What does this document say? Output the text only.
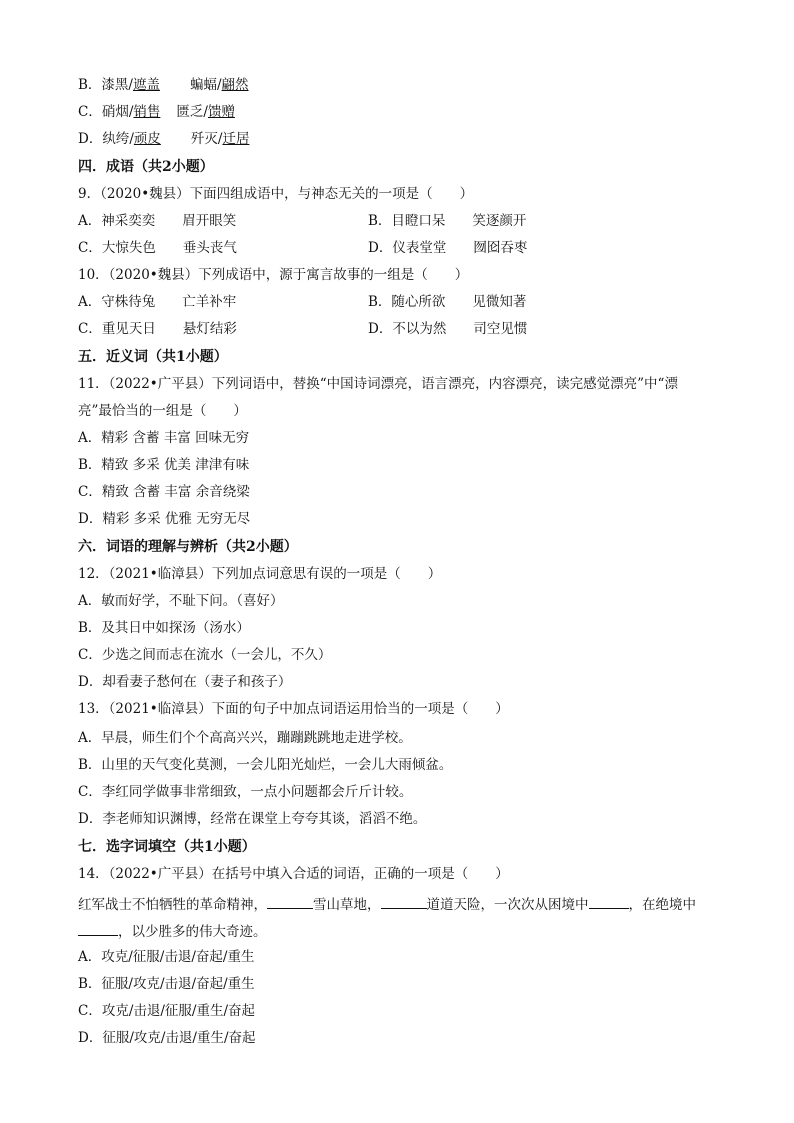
B．漆黑/遮盖 蝙蝠/翩然
C．硝烟/销售 匮乏/馈赠
D．纨绔/顽皮 歼灭/迁居
四．成语（共2小题）
9．（2020•魏县）下面四组成语中，与神态无关的一项是（　　）
A．神采奕奕　　眉开眼笑	B．目瞪口呆　　笑逐颜开
C．大惊失色　　垂头丧气	D．仪表堂堂　　囫囵吞枣
10．（2020•魏县）下列成语中，源于寓言故事的一组是（　　）
A．守株待兔　　亡羊补牢	B．随心所欲　　见微知著
C．重见天日　　悬灯结彩	D．不以为然　　司空见惯
五．近义词（共1小题）
11．（2022•广平县）下列词语中，替换“中国诗词漂亮，语言漂亮，内容漂亮，读完感觉漂亮”中“漂
亮”最恰当的一组是（　　）
A．精彩 含蓄 丰富 回味无穷
B．精致 多采 优美 津津有味
C．精致 含蓄 丰富 余音绕梁
D．精彩 多采 优雅 无穷无尽
六．词语的理解与辨析（共2小题）
12．（2021•临漳县）下列加点词意思有误的一项是（　　）
A．敏而好学，不耻下问。（喜好）
B．及其日中如探汤（汤水）
C．少选之间而志在流水（一会儿，不久）
D．却看妻子愁何在（妻子和孩子）
13．（2021•临漳县）下面的句子中加点词语运用恰当的一项是（　　）
A．早晨，师生们个个高高兴兴，蹦蹦跳跳地走进学校。
B．山里的天气变化莫测，一会儿阳光灿烂，一会儿大雨倾盆。
C．李红同学做事非常细致，一点小问题都会斤斤计较。
D．李老师知识渊博，经常在课堂上夸夸其谈，滔滔不绝。
七．选字词填空（共1小题）
14．（2022•广平县）在括号中填入合适的词语，正确的一项是（　　）
红军战士不怕牺牲的革命精神，	雪山草地，	道道天险，一次次从困境中	，在绝境中
，以少胜多的伟大奇迹。
A．攻克/征服/击退/奋起/重生
B．征服/攻克/击退/奋起/重生
C．攻克/击退/征服/重生/奋起
D．征服/攻克/击退/重生/奋起
